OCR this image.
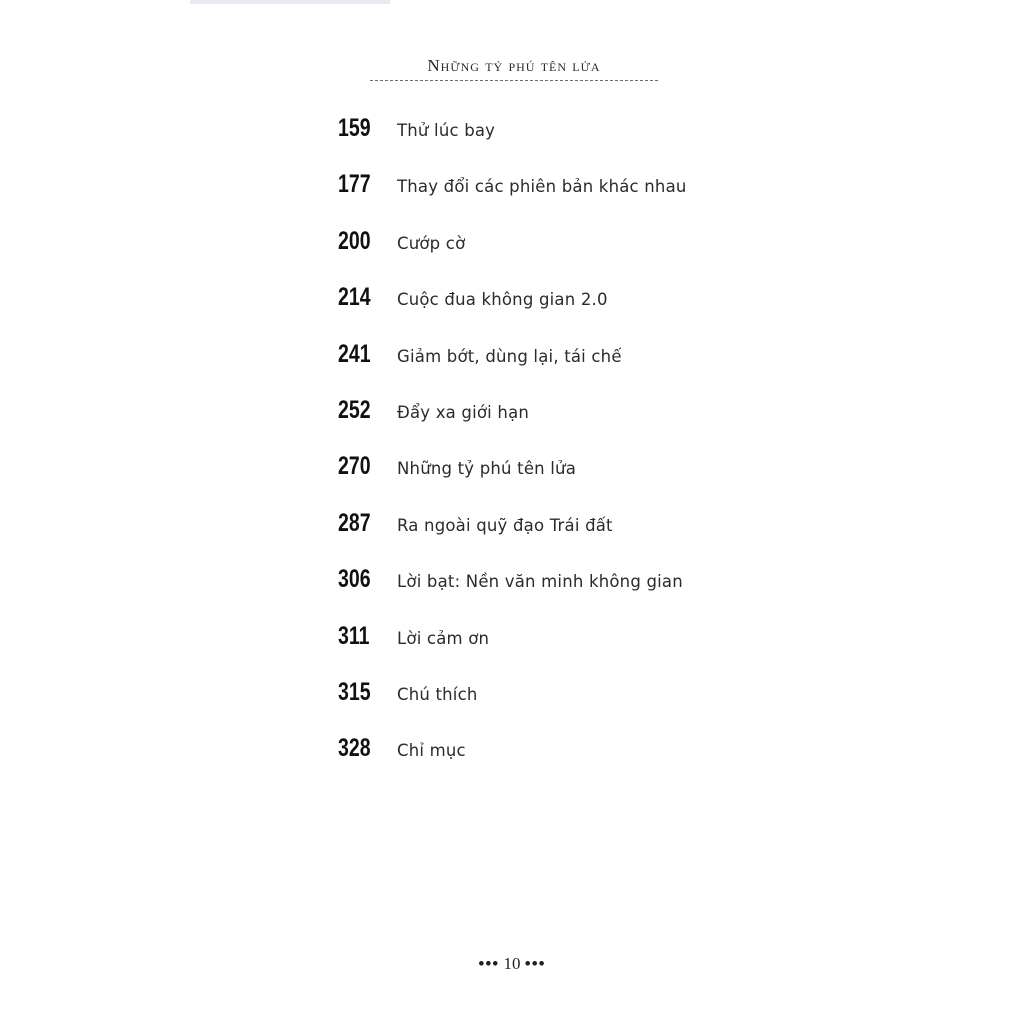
Những tỷ phú tên lửa
159	Thử lúc bay
177	Thay đổi các phiên bản khác nhau
200	Cướp cờ
214	Cuộc đua không gian 2.0
241	Giảm bớt, dùng lại, tái chế
252	Đẩy xa giới hạn
270	Những tỷ phú tên lửa
287	Ra ngoài quỹ đạo Trái đất
306	Lời bạt: Nền văn minh không gian
311	Lời cảm ơn
315	Chú thích
328	Chỉ mục
••• 10 •••
